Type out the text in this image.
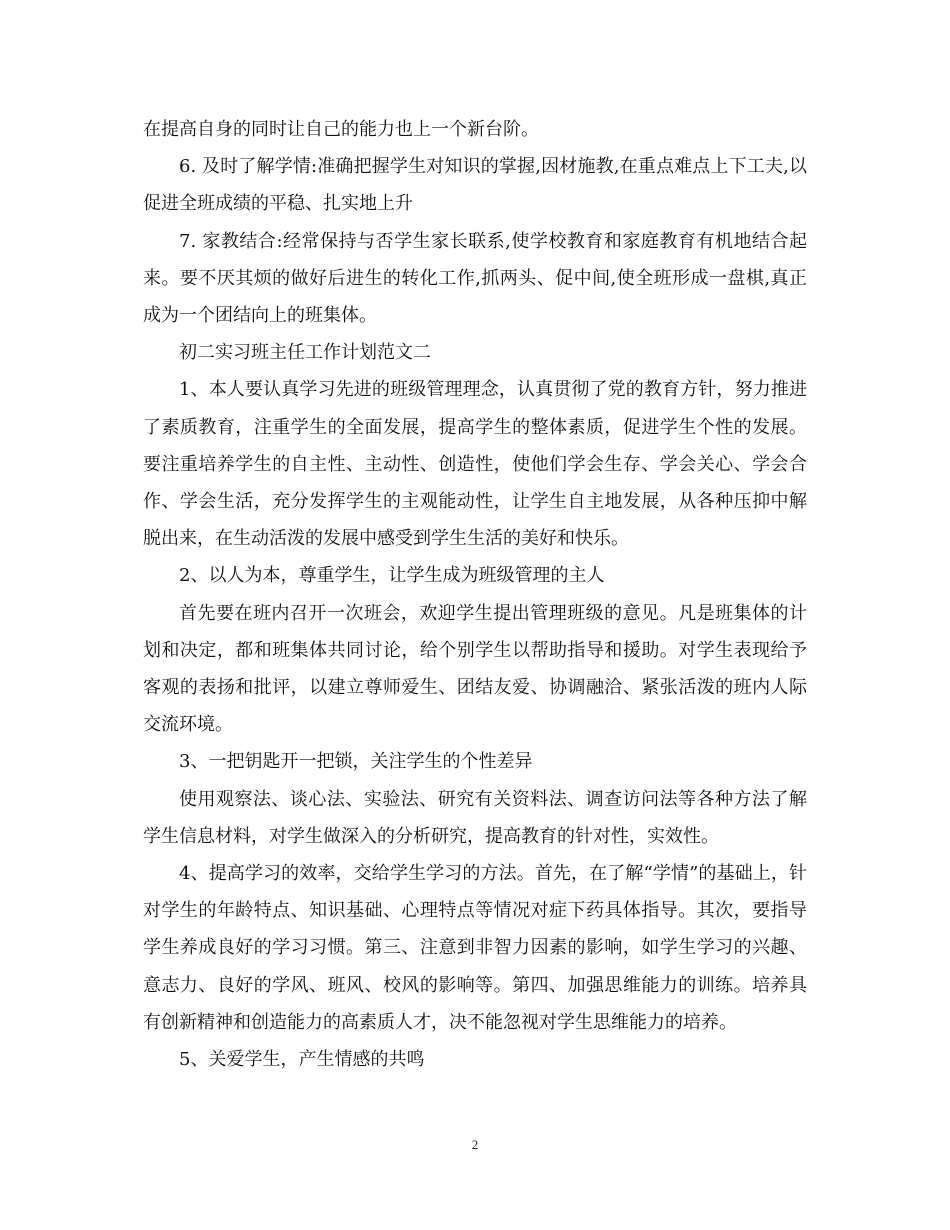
在提高自身的同时让自己的能力也上一个新台阶。

6. 及时了解学情:准确把握学生对知识的掌握,因材施教,在重点难点上下工夫,以促进全班成绩的平稳、扎实地上升

7. 家教结合:经常保持与否学生家长联系,使学校教育和家庭教育有机地结合起来。要不厌其烦的做好后进生的转化工作,抓两头、促中间,使全班形成一盘棋,真正成为一个团结向上的班集体。

初二实习班主任工作计划范文二

1、本人要认真学习先进的班级管理理念，认真贯彻了党的教育方针，努力推进了素质教育，注重学生的全面发展，提高学生的整体素质，促进学生个性的发展。要注重培养学生的自主性、主动性、创造性，使他们学会生存、学会关心、学会合作、学会生活，充分发挥学生的主观能动性，让学生自主地发展，从各种压抑中解脱出来，在生动活泼的发展中感受到学生生活的美好和快乐。

2、以人为本，尊重学生，让学生成为班级管理的主人

首先要在班内召开一次班会，欢迎学生提出管理班级的意见。凡是班集体的计划和决定，都和班集体共同讨论，给个别学生以帮助指导和援助。对学生表现给予客观的表扬和批评，以建立尊师爱生、团结友爱、协调融洽、紧张活泼的班内人际交流环境。

3、一把钥匙开一把锁，关注学生的个性差异

使用观察法、谈心法、实验法、研究有关资料法、调查访问法等各种方法了解学生信息材料，对学生做深入的分析研究，提高教育的针对性，实效性。

4、提高学习的效率，交给学生学习的方法。首先，在了解“学情”的基础上，针对学生的年龄特点、知识基础、心理特点等情况对症下药具体指导。其次，要指导学生养成良好的学习习惯。第三、注意到非智力因素的影响，如学生学习的兴趣、意志力、良好的学风、班风、校风的影响等。第四、加强思维能力的训练。培养具有创新精神和创造能力的高素质人才，决不能忽视对学生思维能力的培养。

5、关爱学生，产生情感的共鸣

2
